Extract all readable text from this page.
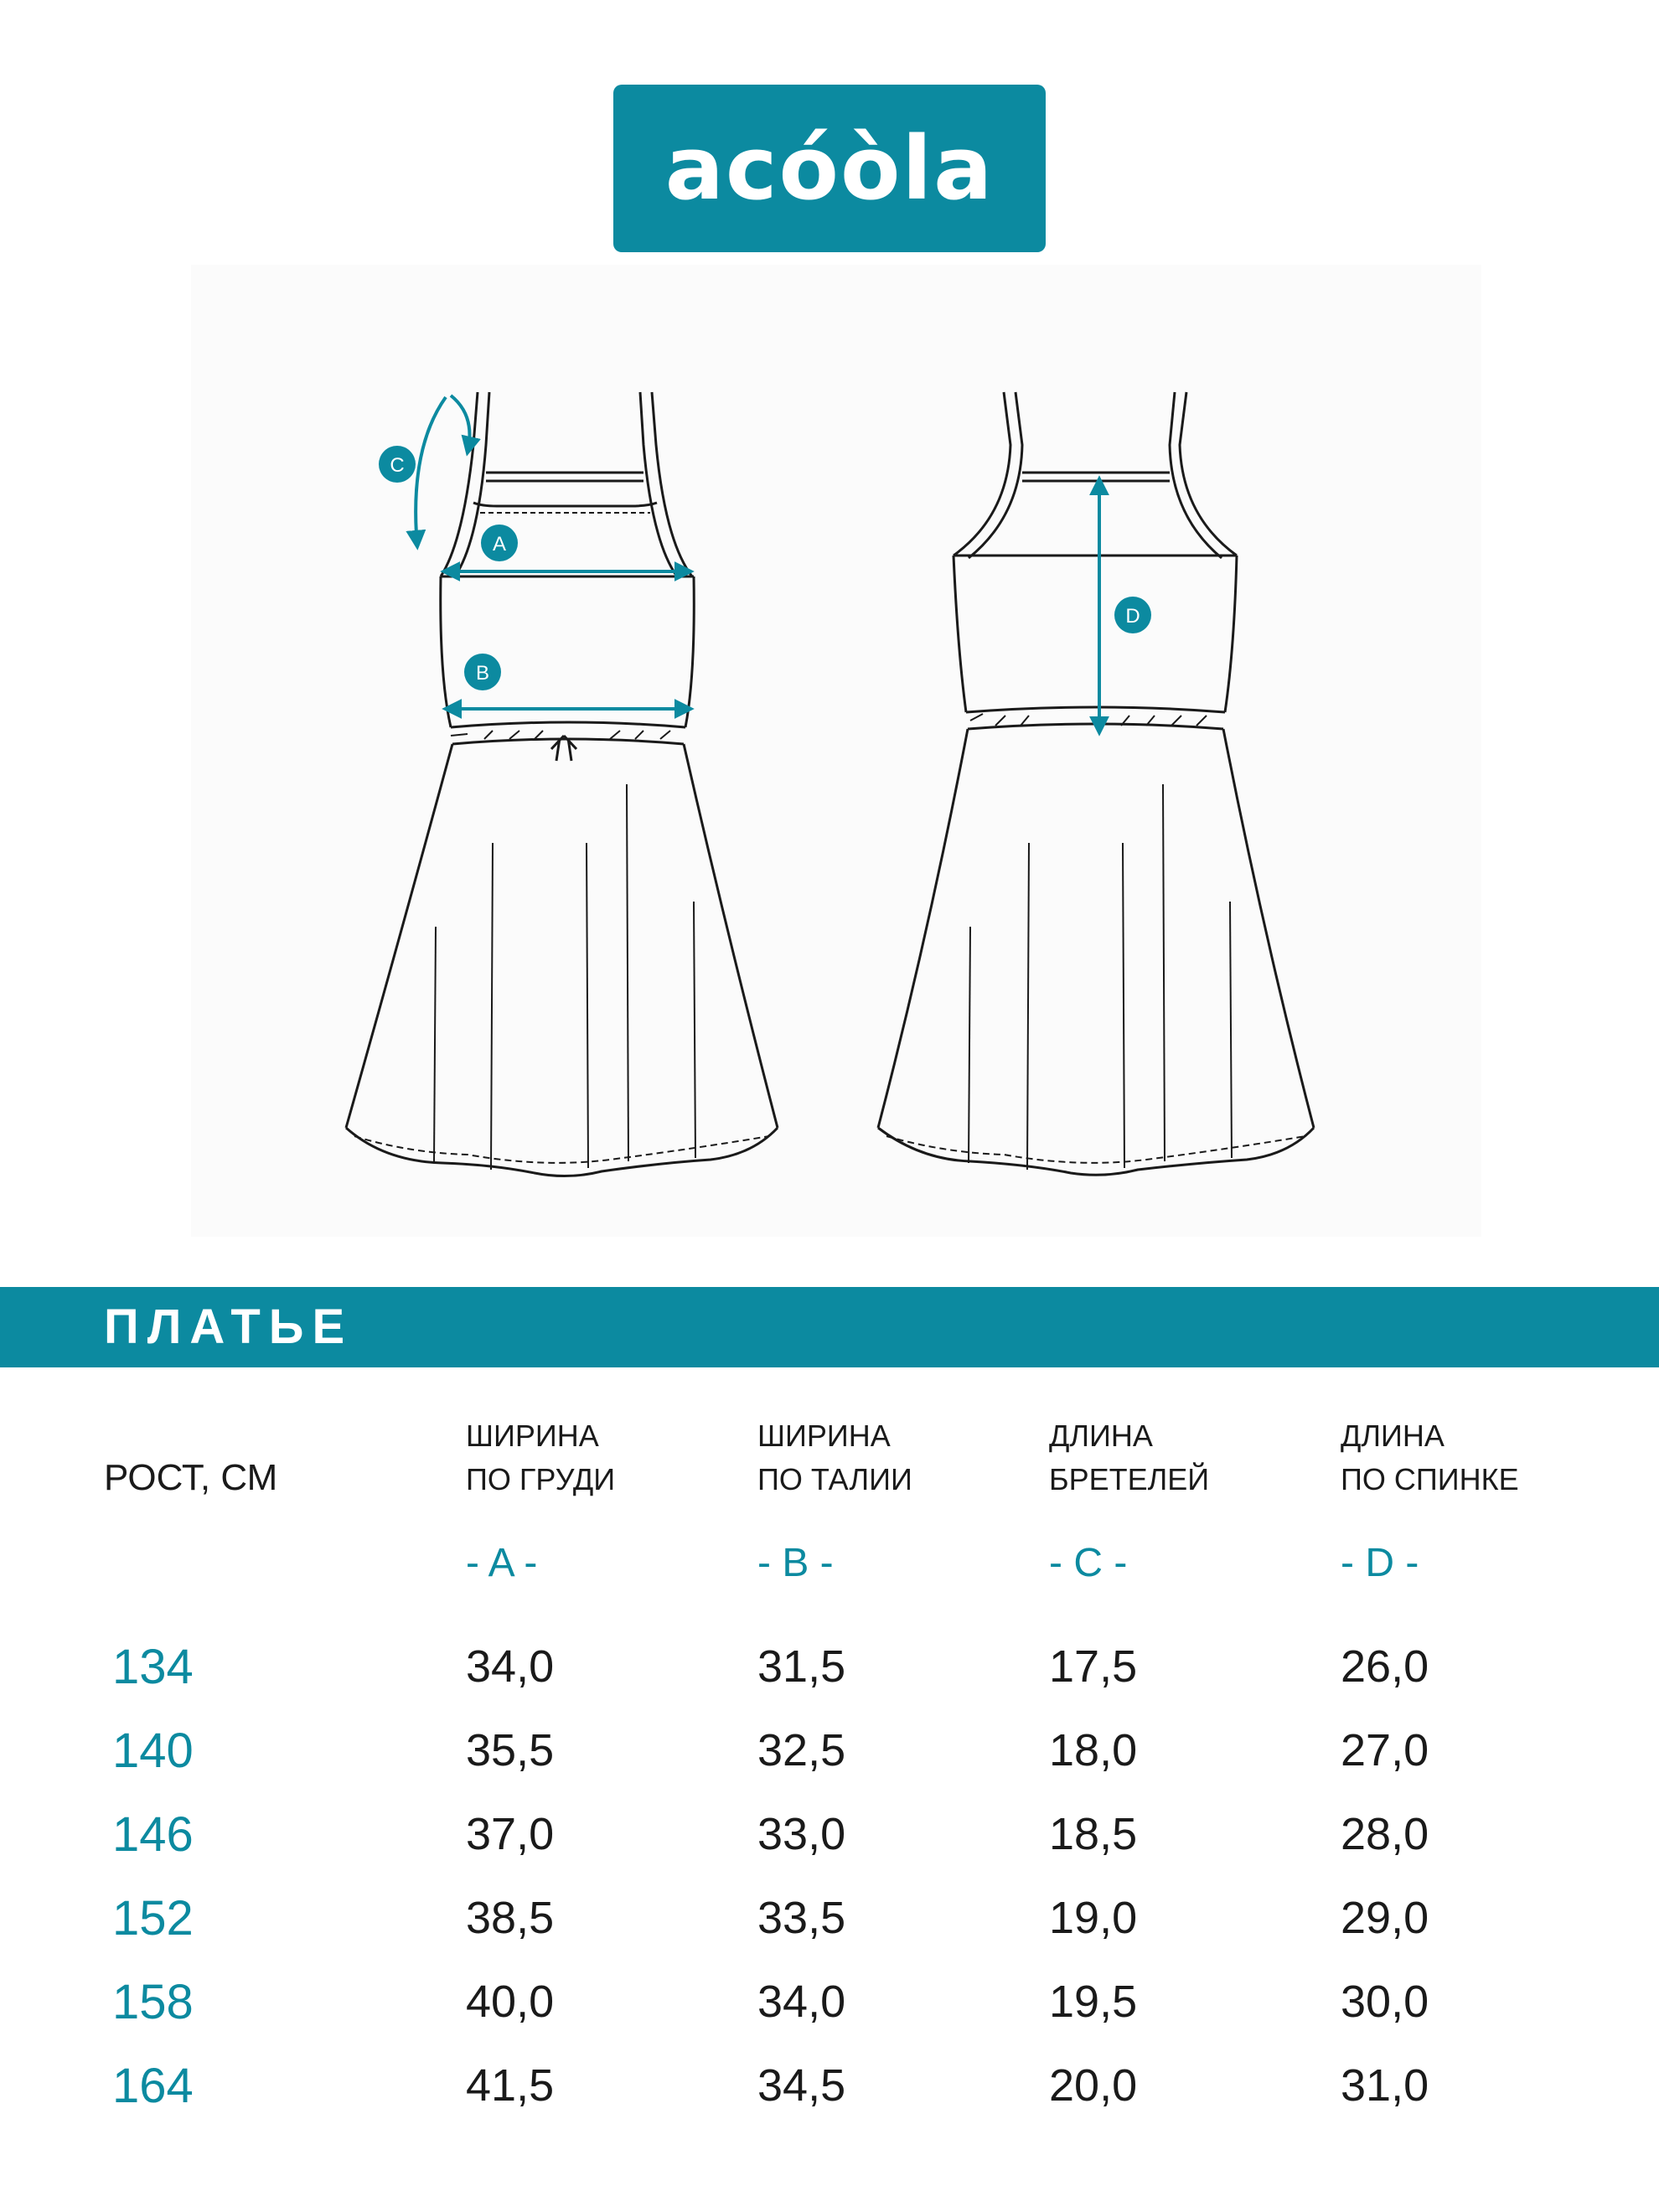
acóòla
A
B
C
D
ПЛАТЬЕ
РОСТ, СМ
ШИРИНА
ПО ГРУДИ
- A -
ШИРИНА
ПО ТАЛИИ
- B -
ДЛИНА
БРЕТЕЛЕЙ
- C -
ДЛИНА
ПО СПИНКЕ
- D -
134	34,0	31,5	17,5	26,0
140	35,5	32,5	18,0	27,0
146	37,0	33,0	18,5	28,0
152	38,5	33,5	19,0	29,0
158	40,0	34,0	19,5	30,0
164	41,5	34,5	20,0	31,0
